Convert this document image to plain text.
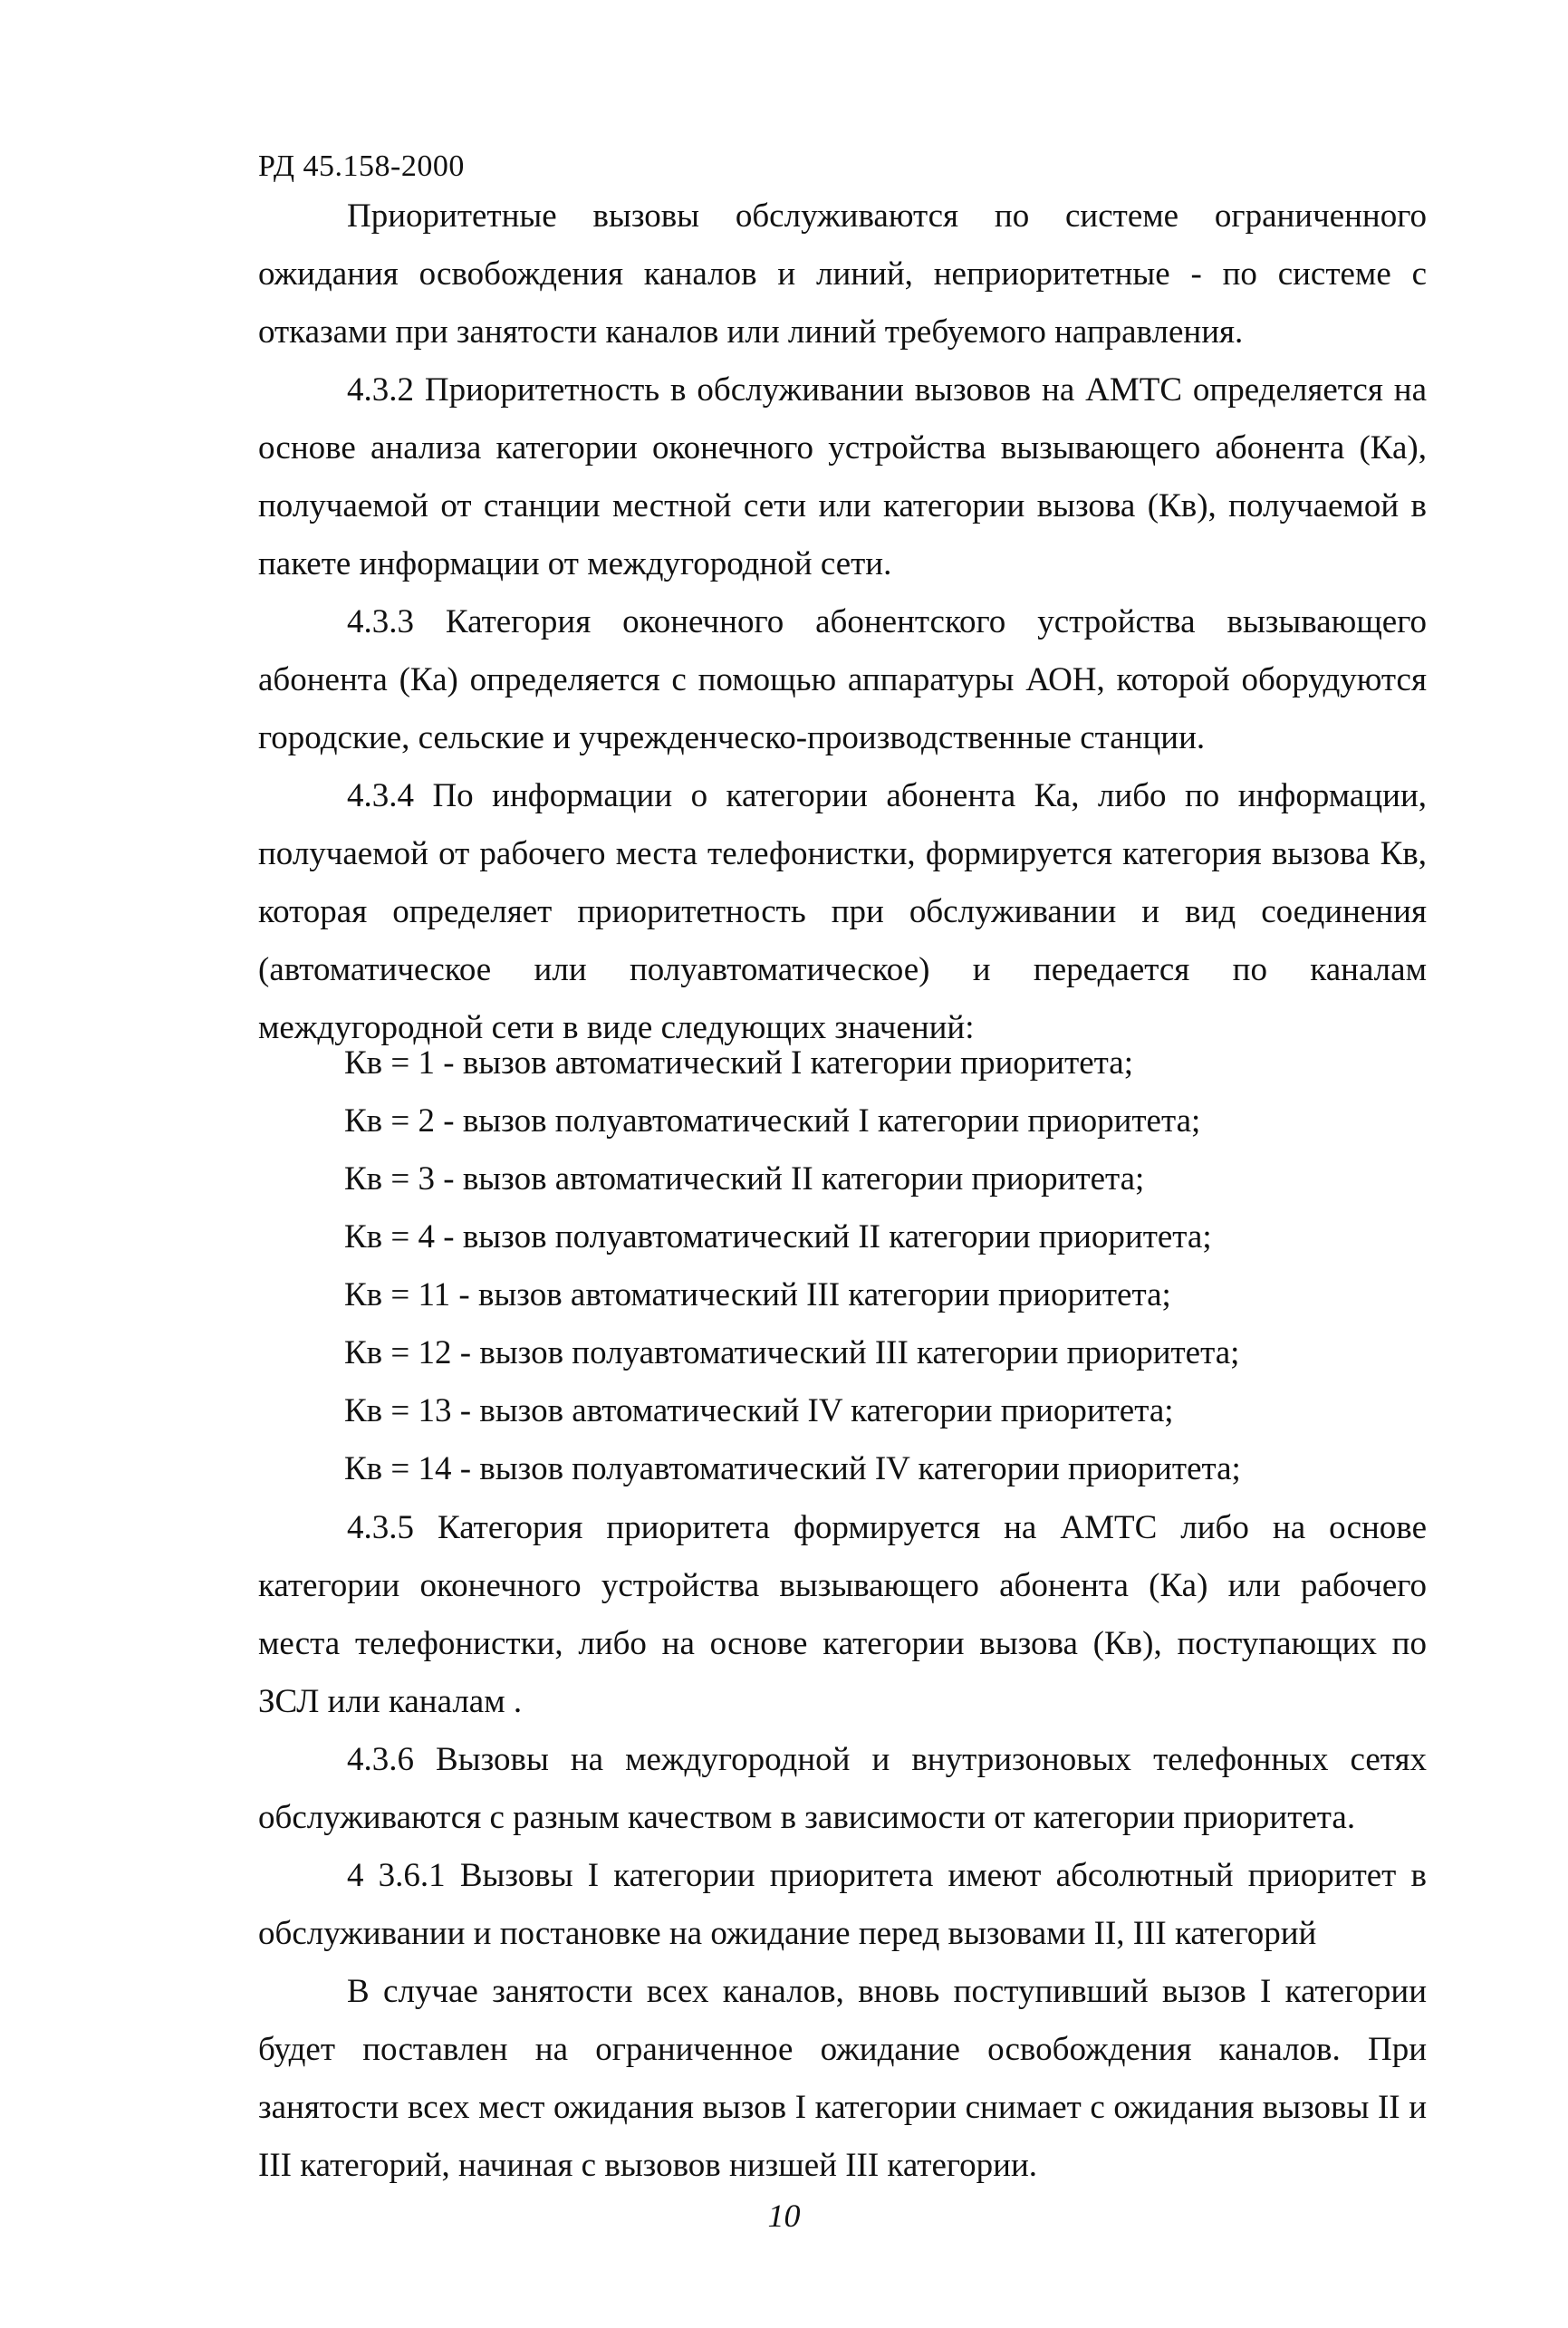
РД 45.158-2000
Приоритетные вызовы обслуживаются по системе ограниченного ожидания освобождения каналов и линий, неприоритетные - по системе с отказами при занятости каналов или линий требуемого направления.
4.3.2 Приоритетность в обслуживании вызовов на АМТС определяется на основе анализа категории оконечного устройства вызывающего абонента (Ка), получаемой от станции местной сети или категории вызова (Кв), получаемой в пакете информации от междугородной сети.
4.3.3 Категория оконечного абонентского устройства вызывающего абонента (Ка) определяется с помощью аппаратуры АОН, которой оборудуются городские, сельские и учрежденческо-производственные станции.
4.3.4 По информации о категории абонента Ка, либо по информации, получаемой от рабочего места телефонистки, формируется категория вызова Кв, которая определяет приоритетность при обслуживании и вид соединения (автоматическое или полуавтоматическое) и передается по каналам междугородной сети в виде следующих значений:
Кв = 1 - вызов автоматический I категории приоритета;
Кв = 2 - вызов полуавтоматический I категории приоритета;
Кв = 3 - вызов автоматический II категории приоритета;
Кв = 4 - вызов полуавтоматический II категории приоритета;
Кв = 11 - вызов автоматический III категории приоритета;
Кв = 12 - вызов полуавтоматический III категории приоритета;
Кв = 13 - вызов автоматический IV категории приоритета;
Кв = 14 - вызов полуавтоматический IV категории приоритета;
4.3.5 Категория приоритета формируется на АМТС либо на основе категории оконечного устройства вызывающего абонента (Ка) или рабочего места телефонистки, либо на основе категории вызова (Кв), поступающих по ЗСЛ или каналам .
4.3.6 Вызовы на междугородной и внутризоновых телефонных сетях обслуживаются с разным качеством в зависимости от категории приоритета.
4 3.6.1 Вызовы I категории приоритета имеют абсолютный приоритет в обслуживании и постановке на ожидание перед вызовами II, III категорий
В случае занятости всех каналов, вновь поступивший вызов I категории будет поставлен на ограниченное ожидание освобождения каналов. При занятости всех мест ожидания вызов I категории снимает с ожидания вызовы II и III категорий, начиная с вызовов низшей III категории.
10
